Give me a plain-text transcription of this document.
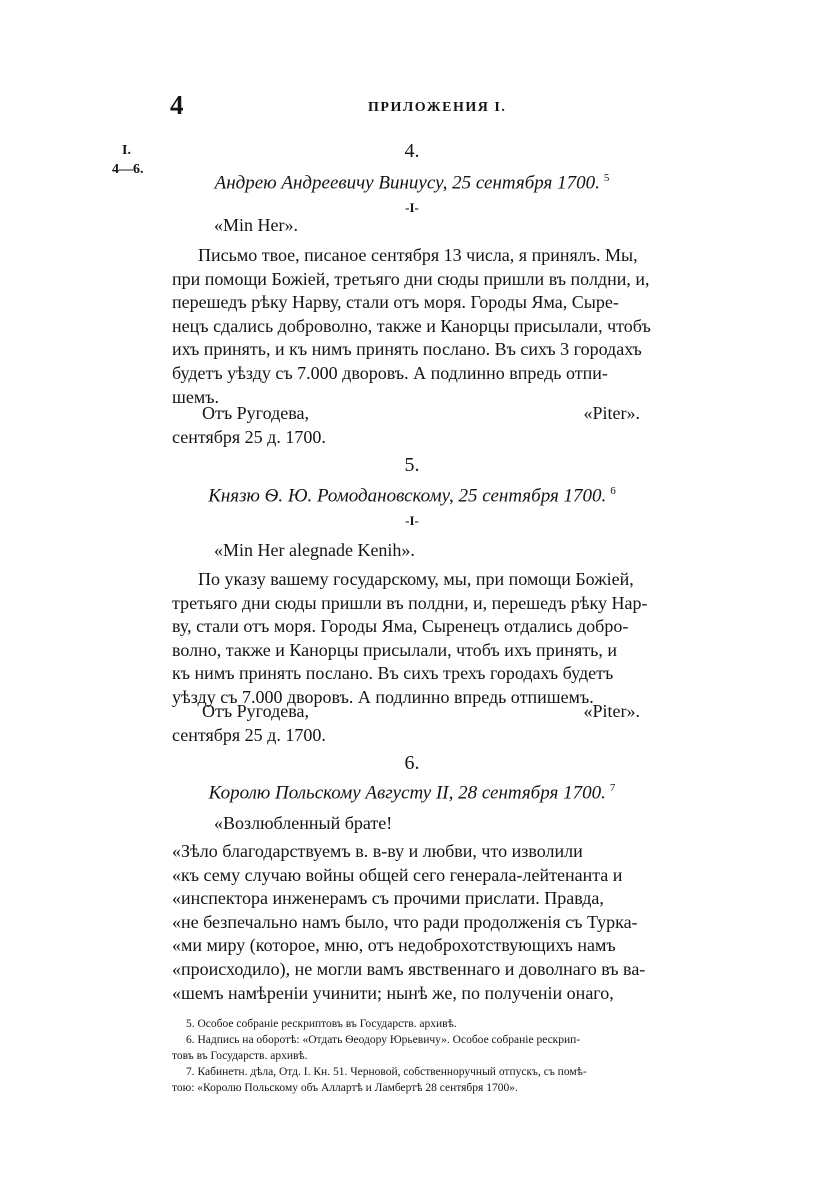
4	ПРИЛОЖЕНИЯ I.
I.
4—6.
4.
Андрею Андреевичу Виниусу, 25 сентября 1700. $^5$
-I-
«Min Her».

Письмо твое, писаное сентября 13 числа, я принялъ. Мы,

при помощи Божіей, третьяго дни сюды пришли въ полдни, и,

перешедъ рѣку Нарву, стали отъ моря. Городы Яма, Сырe-

нецъ сдались доброволно, также и Канорцы присылали, чтобъ

ихъ принять, и къ нимъ принять послано. Въ сихъ 3 городахъ

будетъ уѣзду съ 7.000 дворовъ. А подлинно впредь отпи-

шемъ.

Отъ Ругодева,	«Piter».
сентября 25 д. 1700.
5.
Князю Ѳ. Ю. Ромодановскому, 25 сентября 1700. $^6$
-I-
«Min Her alegnade Kenih».

По указу вашему государскому, мы, при помощи Божіей,

третьяго дни сюды пришли въ полдни, и, перешедъ рѣку Нар-

ву, стали отъ моря. Городы Яма, Сыренецъ отдались добро-

волно, также и Канорцы присылали, чтобъ ихъ принять, и

къ нимъ принять послано. Въ сихъ трехъ городахъ будетъ

уѣзду съ 7.000 дворовъ. А подлинно впредь отпишемъ.

Отъ Ругодева,	«Piter».
сентября 25 д. 1700.
6.
Королю Польскому Августу II, 28 сентября 1700. $^7$
«Возлюбленный брате!

«Зѣло благодарствуемъ в. в-ву и любви, что изволили

«къ сему случаю войны общей сего генерала-лейтенанта и

«инспектора инженерамъ съ прочими прислати. Правда,

«не безпечально намъ было, что ради продолженія съ Турка-

«ми миру (которое, мню, отъ недоброхотствующихъ намъ

«происходило), не могли вамъ явственнаго и доволнаго въ ва-

«шемъ намѣреніи учинити; нынѣ же, по полученіи онаго,

5. Особое собраніе рескриптовъ въ Государств. архивѣ.

6. Надпись на оборотѣ: «Отдать Ѳеодору Юрьевичу». Особое собраніе рескрип-

товъ въ Государств. архивѣ.

7. Кабинетн. дѣла, Отд. I. Кн. 51. Черновой, собственноручный отпускъ, съ помѣ-

тою: «Королю Польскому объ Аллартѣ и Ламбертѣ 28 сентября 1700».
